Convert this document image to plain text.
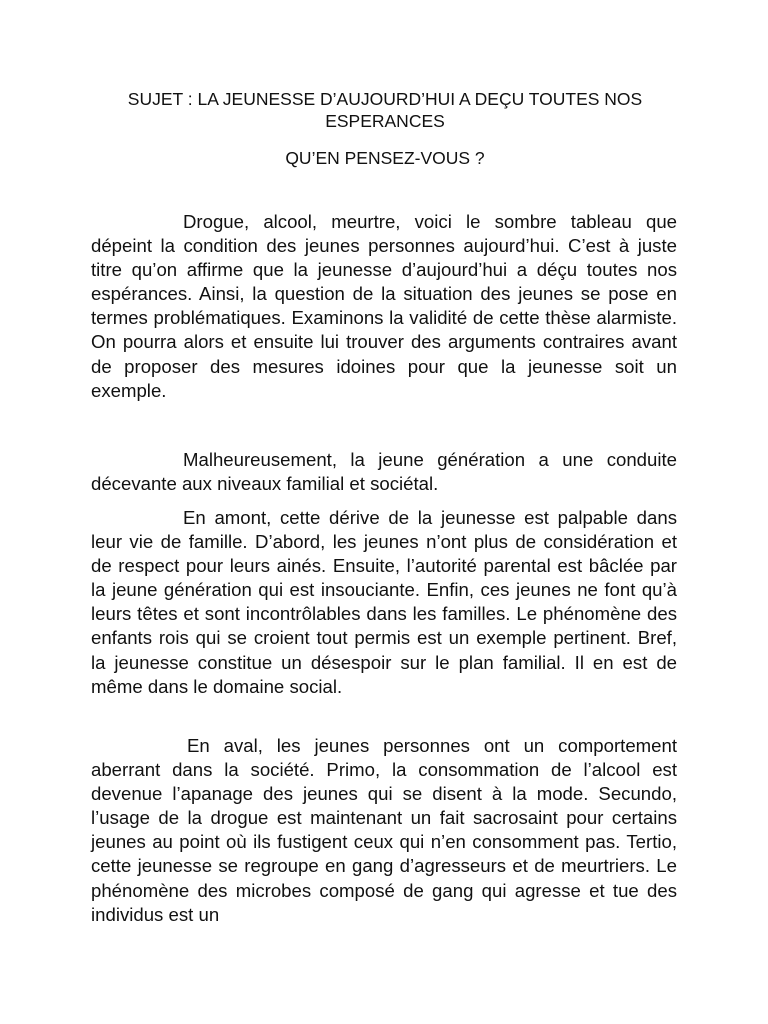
SUJET : LA JEUNESSE D’AUJOURD’HUI A DEÇU TOUTES NOS ESPERANCES

QU’EN PENSEZ-VOUS ?

Drogue, alcool, meurtre, voici le sombre tableau que dépeint la condition des jeunes personnes aujourd’hui. C’est à juste titre qu’on affirme que la jeunesse d’aujourd’hui a déçu toutes nos espérances. Ainsi, la question de la situation des jeunes se pose en termes problématiques. Examinons la validité de cette thèse alarmiste. On pourra alors et ensuite lui trouver des arguments contraires avant de proposer des mesures idoines pour que la jeunesse soit un exemple.

Malheureusement, la jeune génération a une conduite décevante aux niveaux familial et sociétal.

En amont, cette dérive de la jeunesse est palpable dans leur vie de famille. D’abord, les jeunes n’ont plus de considération et de respect pour leurs ainés. Ensuite, l’autorité parental est bâclée par la jeune génération qui est insouciante. Enfin, ces jeunes ne font qu’à leurs têtes et sont incontrôlables dans les familles. Le phénomène des enfants rois qui se croient tout permis est un exemple pertinent. Bref, la jeunesse constitue un désespoir sur le plan familial. Il en est de même dans le domaine social.

En aval, les jeunes personnes ont un comportement aberrant dans la société. Primo, la consommation de l’alcool est devenue l’apanage des jeunes qui se disent à la mode. Secundo, l’usage de la drogue est maintenant un fait sacrosaint pour certains jeunes au point où ils fustigent ceux qui n’en consomment pas. Tertio, cette jeunesse se regroupe en gang d’agresseurs et de meurtriers. Le phénomène des microbes composé de gang qui agresse et tue des individus est un
